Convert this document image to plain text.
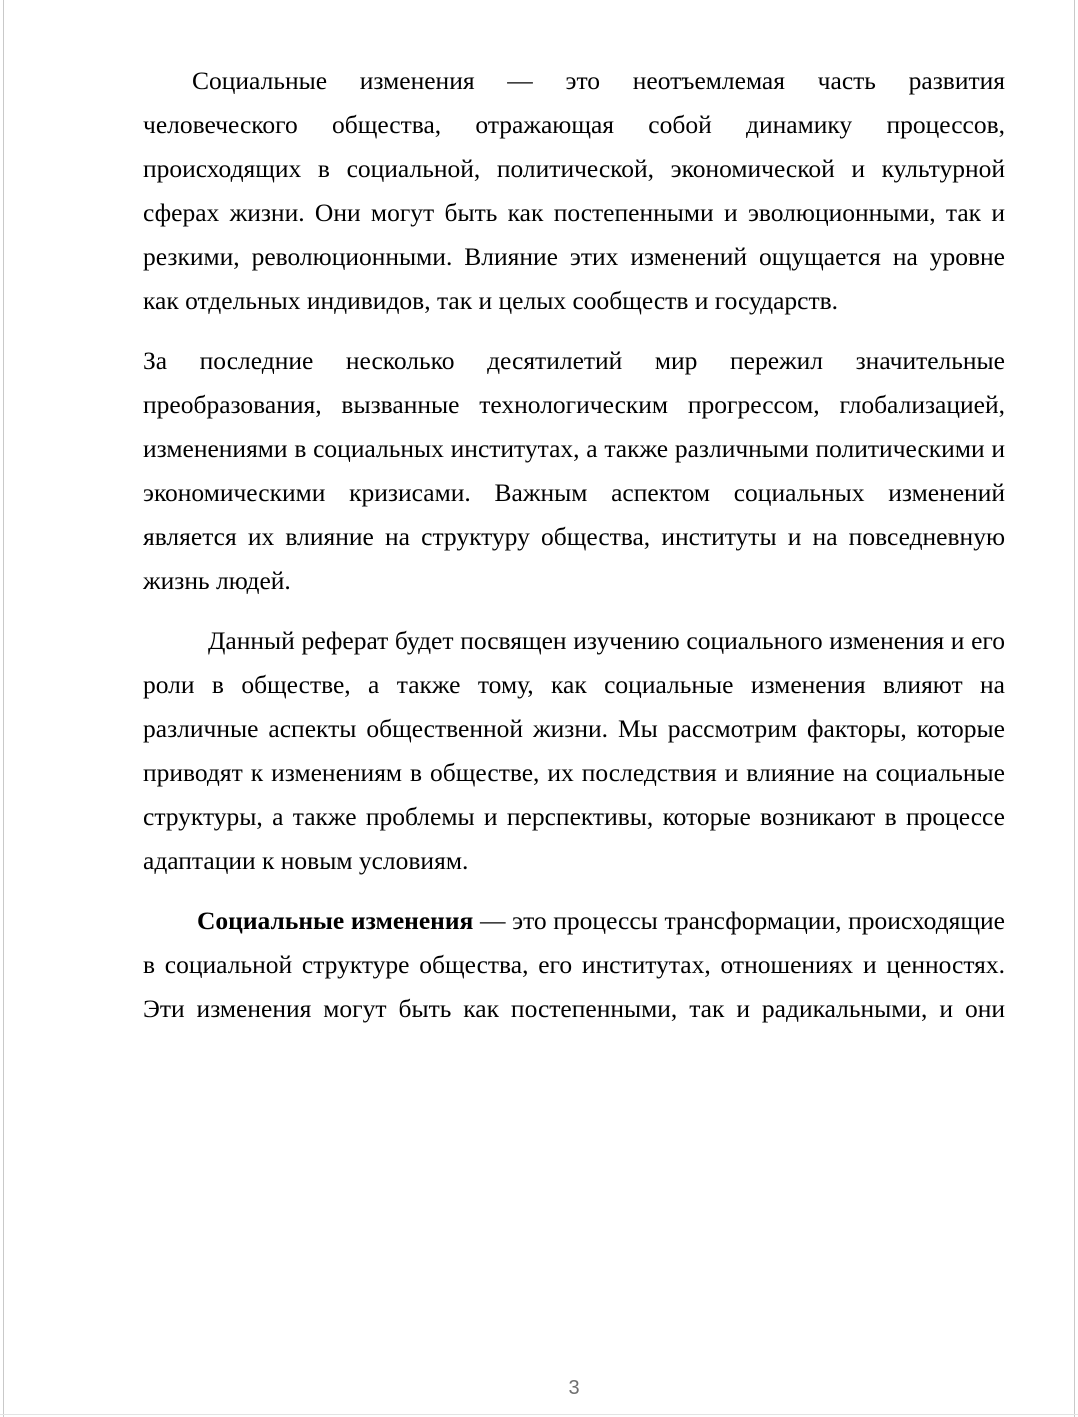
Социальные изменения — это неотъемлемая часть развития человеческого общества, отражающая собой динамику процессов, происходящих в социальной, политической, экономической и культурной сферах жизни. Они могут быть как постепенными и эволюционными, так и резкими, революционными. Влияние этих изменений ощущается на уровне как отдельных индивидов, так и целых сообществ и государств.

За последние несколько десятилетий мир пережил значительные преобразования, вызванные технологическим прогрессом, глобализацией, изменениями в социальных институтах, а также различными политическими и экономическими кризисами. Важным аспектом социальных изменений является их влияние на структуру общества, институты и на повседневную жизнь людей.

Данный реферат будет посвящен изучению социального изменения и его роли в обществе, а также тому, как социальные изменения влияют на различные аспекты общественной жизни. Мы рассмотрим факторы, которые приводят к изменениям в обществе, их последствия и влияние на социальные структуры, а также проблемы и перспективы, которые возникают в процессе адаптации к новым условиям.

Социальные изменения — это процессы трансформации, происходящие в социальной структуре общества, его институтах, отношениях и ценностях. Эти изменения могут быть как постепенными, так и радикальными, и они

3
